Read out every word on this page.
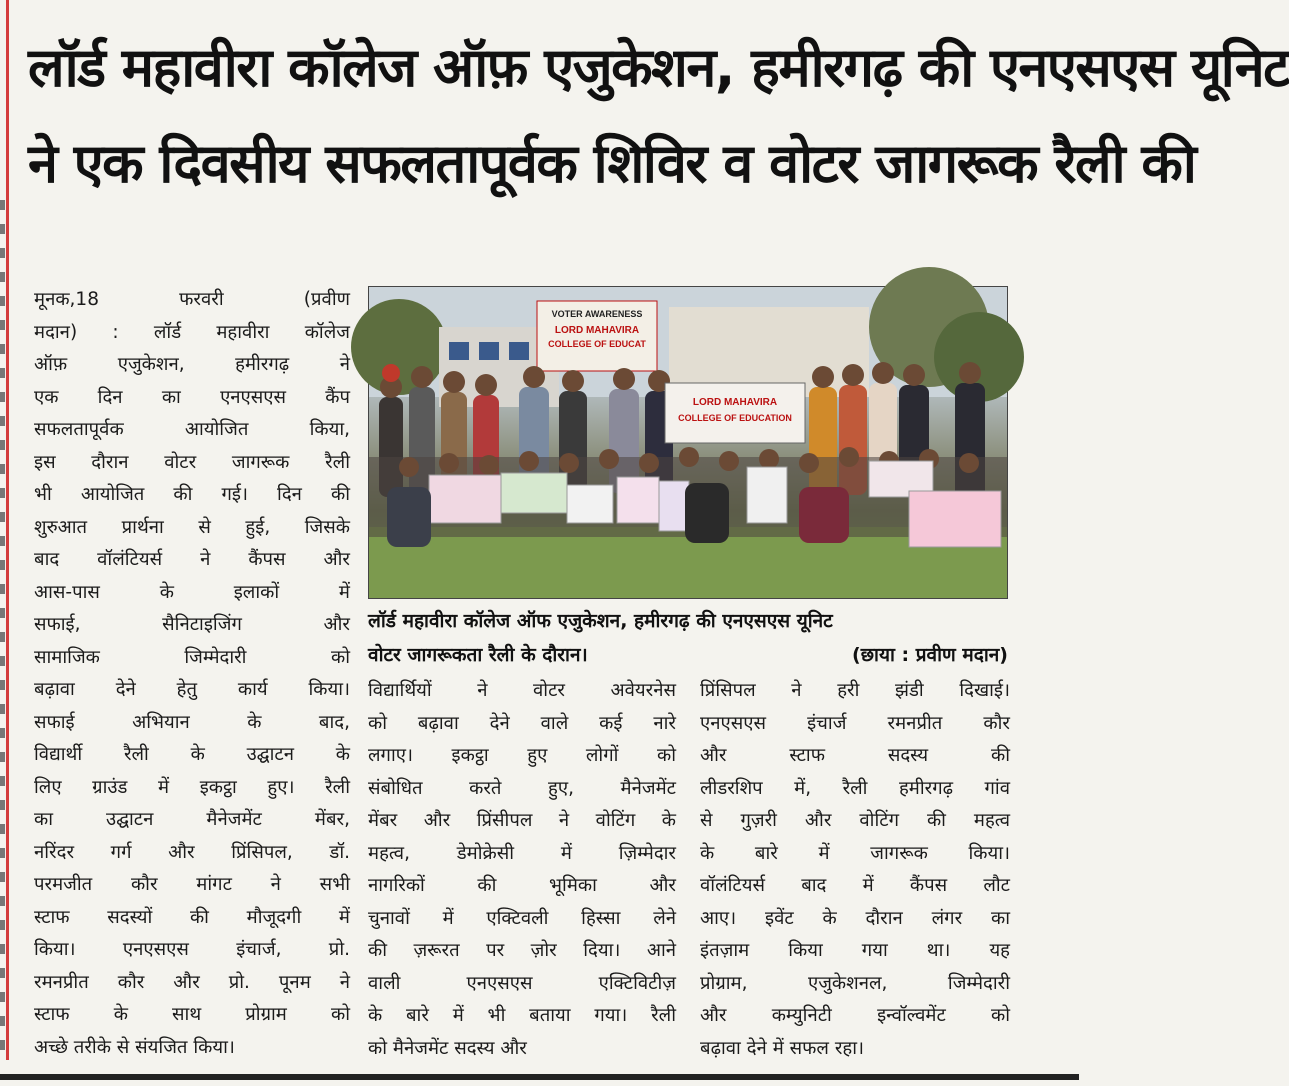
लॉर्ड महावीरा कॉलेज ऑफ़ एजुकेशन, हमीरगढ़ की एनएसएस यूनिट
ने एक दिवसीय सफलतापूर्वक शिविर व वोटर जागरूक रैली की
मूनक,18 फरवरी (प्रवीण
मदान) : लॉर्ड महावीरा कॉलेज
ऑफ़ एजुकेशन, हमीरगढ़ ने
एक दिन का एनएसएस कैंप
सफलतापूर्वक आयोजित किया,
इस दौरान वोटर जागरूक रैली
भी आयोजित की गई। दिन की
शुरुआत प्रार्थना से हुई, जिसके
बाद वॉलंटियर्स ने कैंपस और
आस-पास के इलाकों में
सफाई, सैनिटाइजिंग और
सामाजिक जिम्मेदारी को
बढ़ावा देने हेतु कार्य किया।
सफाई अभियान के बाद,
विद्यार्थी रैली के उद्घाटन के
लिए ग्राउंड में इकट्ठा हुए। रैली
का उद्घाटन मैनेजमेंट मेंबर,
नरिंदर गर्ग और प्रिंसिपल, डॉ.
परमजीत कौर मांगट ने सभी
स्टाफ सदस्यों की मौजूदगी में
किया। एनएसएस इंचार्ज, प्रो.
रमनप्रीत कौर और प्रो. पूनम ने
स्टाफ के साथ प्रोग्राम को
अच्छे तरीके से संयजित किया।
VOTER AWARENESS
LORD MAHAVIRA
COLLEGE OF EDUCAT
LORD MAHAVIRA
COLLEGE OF EDUCATION
लॉर्ड महावीरा कॉलेज ऑफ एजुकेशन, हमीरगढ़ की एनएसएस यूनिट
वोटर जागरूकता रैली के दौरान।	(छाया : प्रवीण मदान)
विद्यार्थियों ने वोटर अवेयरनेस
को बढ़ावा देने वाले कई नारे
लगाए। इकट्ठा हुए लोगों को
संबोधित करते हुए, मैनेजमेंट
मेंबर और प्रिंसीपल ने वोटिंग के
महत्व, डेमोक्रेसी में ज़िम्मेदार
नागरिकों की भूमिका और
चुनावों में एक्टिवली हिस्सा लेने
की ज़रूरत पर ज़ोर दिया। आने
वाली एनएसएस एक्टिविटीज़
के बारे में भी बताया गया। रैली
को मैनेजमेंट सदस्य और
प्रिंसिपल ने हरी झंडी दिखाई।
एनएसएस इंचार्ज रमनप्रीत कौर
और स्टाफ सदस्य की
लीडरशिप में, रैली हमीरगढ़ गांव
से गुज़री और वोटिंग की महत्व
के बारे में जागरूक किया।
वॉलंटियर्स बाद में कैंपस लौट
आए। इवेंट के दौरान लंगर का
इंतज़ाम किया गया था। यह
प्रोग्राम, एजुकेशनल, जिम्मेदारी
और कम्युनिटी इन्वॉल्वमेंट को
बढ़ावा देने में सफल रहा।
